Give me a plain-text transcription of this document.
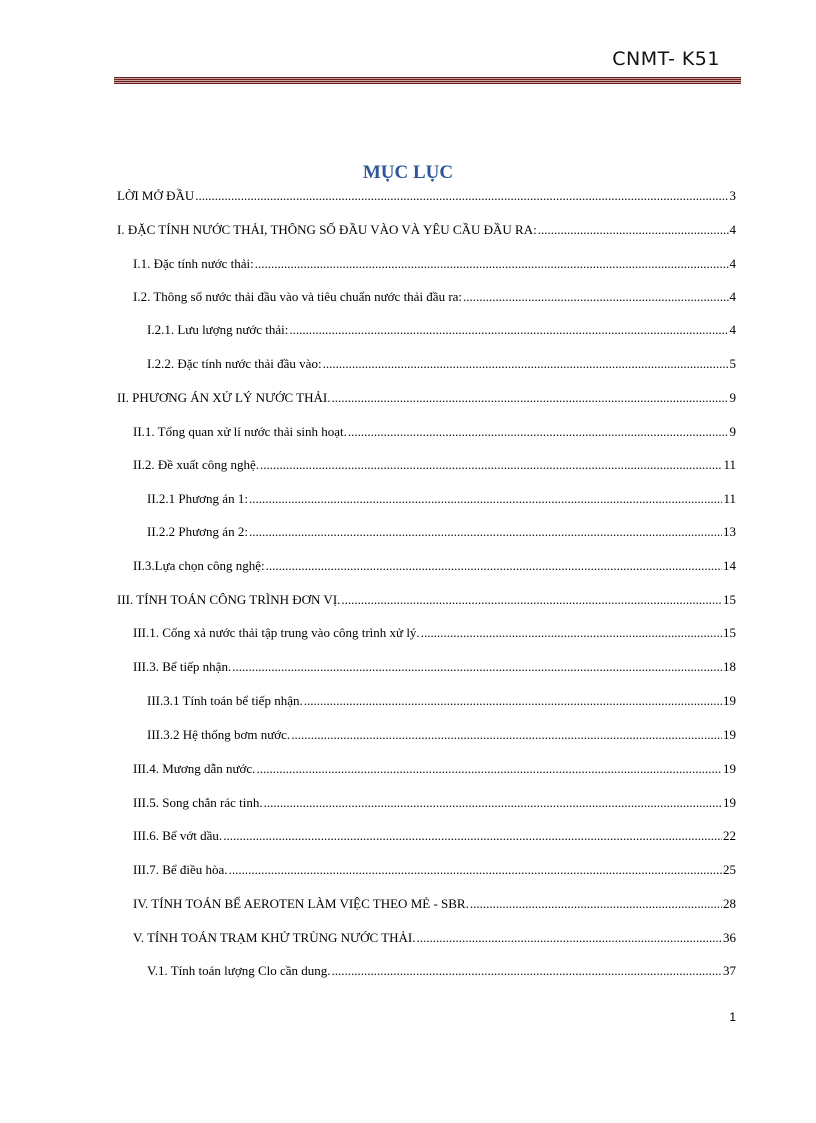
CNMT- K51
MỤC LỤC
LỜI MỞ ĐẦU .....	3
I. ĐẶC TÍNH NƯỚC THẢI, THÔNG SỐ ĐẦU VÀO VÀ YÊU CẦU ĐẦU RA: .....	4
I.1. Đặc tính nước thải: .....	4
I.2. Thông số nước thải đầu vào và tiêu chuẩn nước thải đầu ra: .....	4
I.2.1. Lưu lượng nước thải: .....	4
I.2.2. Đặc tính nước thải đầu vào: .....	5
II. PHƯƠNG ÁN XỬ LÝ NƯỚC THẢI. .....	9
II.1. Tổng quan xử lí nước thải sinh hoạt. .....	9
II.2. Đề xuất công nghệ. .....	11
II.2.1 Phương án 1: .....	11
II.2.2 Phương án 2: .....	13
II.3.Lựa chọn công nghệ: .....	14
III. TÍNH TOÁN CÔNG TRÌNH ĐƠN VỊ. .....	15
III.1. Cống xả nước thải tập trung vào công trình xử lý. .....	15
III.3. Bể tiếp nhận. .....	18
III.3.1 Tính toán bể tiếp nhận. .....	19
III.3.2 Hệ thống bơm nước. .....	19
III.4. Mương dẫn nước. .....	19
III.5. Song chắn rác tinh. .....	19
III.6. Bể vớt dầu. .....	22
III.7. Bể điều hòa. .....	25
IV. TÍNH TOÁN BỂ AEROTEN LÀM VIỆC THEO MẺ - SBR. .....	28
V. TÍNH TOÁN TRẠM KHỬ TRÙNG NƯỚC THẢI. .....	36
V.1. Tính toán lượng Clo cần dung. .....	37
1
